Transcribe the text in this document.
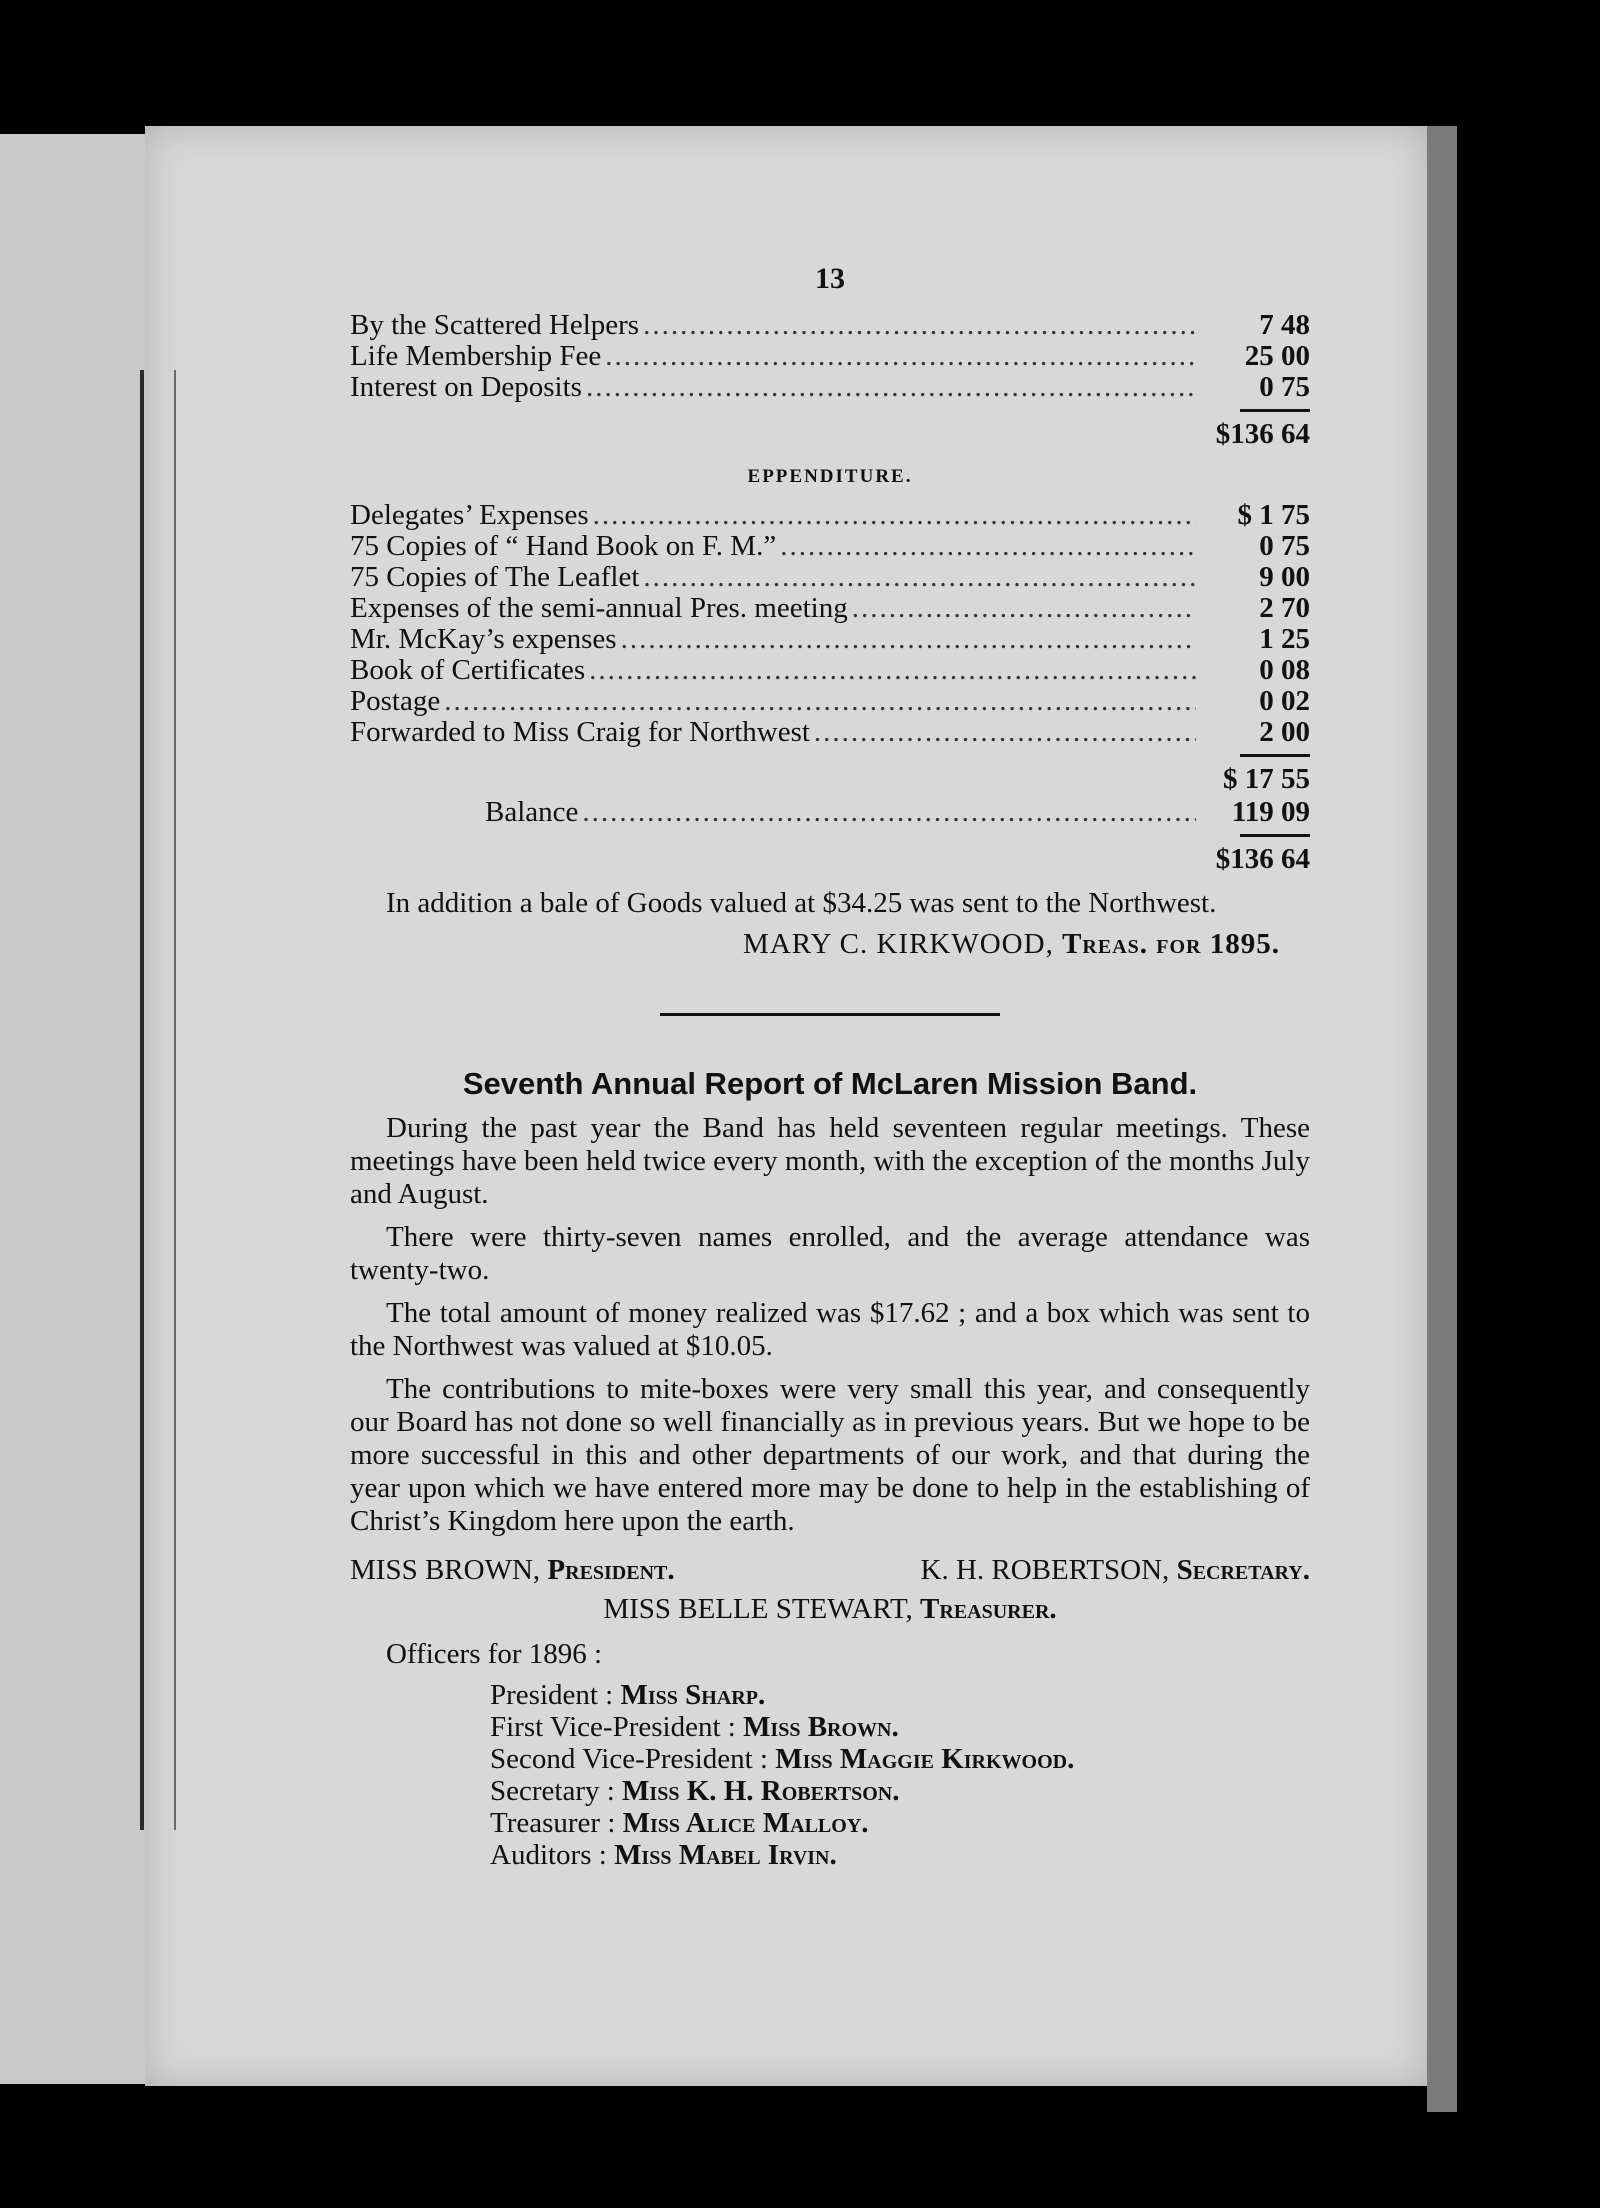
13
By the Scattered Helpers .....	7 48
Life Membership Fee .....	25 00
Interest on Deposits .....	0 75
$136 64
EPPENDITURE.
Delegates’ Expenses .....	$ 1 75
75 Copies of “ Hand Book on F. M.” .....	0 75
75 Copies of The Leaflet .....	9 00
Expenses of the semi-annual Pres. meeting .....	2 70
Mr. McKay’s expenses .....	1 25
Book of Certificates .....	0 08
Postage .....	0 02
Forwarded to Miss Craig for Northwest .....	2 00
$ 17 55
Balance .....	119 09
$136 64

In addition a bale of Goods valued at $34.25 was sent to the Northwest.

MARY C. KIRKWOOD, Treas. for 1895.
Seventh Annual Report of McLaren Mission Band.

During the past year the Band has held seventeen regular meetings. These meetings have been held twice every month, with the exception of the months July and August.

There were thirty-seven names enrolled, and the average attendance was twenty-two.

The total amount of money realized was $17.62 ; and a box which was sent to the Northwest was valued at $10.05.

The contributions to mite-boxes were very small this year, and consequently our Board has not done so well financially as in previous years. But we hope to be more successful in this and other departments of our work, and that during the year upon which we have entered more may be done to help in the establishing of Christ’s Kingdom here upon the earth.

MISS BROWN, President.	K. H. ROBERTSON, Secretary.
MISS BELLE STEWART, Treasurer.
Officers for 1896 :
President : Miss Sharp.
First Vice-President : Miss Brown.
Second Vice-President : Miss Maggie Kirkwood.
Secretary : Miss K. H. Robertson.
Treasurer : Miss Alice Malloy.
Auditors : Miss Mabel Irvin.
